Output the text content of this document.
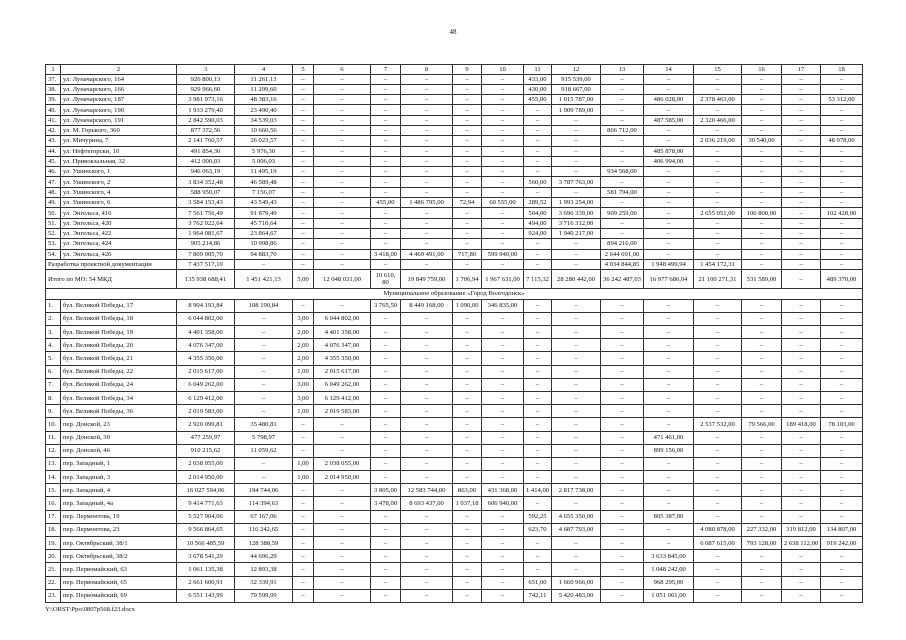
48
1	2	3	4	5	6	7	8	9	10	11	12	13	14	15	16	17	18
37.	ул. Луначарского, 164	926 800,13	11 261,13	–	–	–	–	–	–	433,00	915 539,00	–	–	–	–	–	–
38.	ул. Луначарского, 166	929 966,60	11 299,60	–	–	–	–	–	–	430,00	918 667,00	–	–	–	–	–	–
39.	ул. Луначарского, 187	3 981 973,16	48 383,16	–	–	–	–	–	–	455,00	1 015 787,00	–	486 028,00	2 378 463,00	–	–	53 312,00
40.	ул. Луначарского, 190	1 933 279,40	23 490,40	–	–	–	–	–	–	–	1 909 789,00	–	–	–	–	–	–
41.	ул. Луначарского, 191	2 842 590,03	34 539,03	–	–	–	–	–	–	–	–	–	487 585,00	2 320 466,00	–	–	–
42.	ул. М. Горького, 360	877 372,56	10 660,56	–	–	–	–	–	–	–	–	866 712,00	–	–	–	–	–
43.	ул. Мичурина, 7	2 141 760,57	26 023,57	–	–	–	–	–	–	–	–	–	–	2 036 219,00	30 540,00	–	48 978,00
44.	ул. Нефтегорски, 10	491 854,30	5 976,30	–	–	–	–	–	–	–	–	–	485 878,00	–	–	–	–
45.	ул. Привокзальная, 32	412 000,03	5 006,03	–	–	–	–	–	–	–	–	–	406 994,00	–	–	–	–
46.	ул. Ушинского, 1	946 063,19	11 495,19	–	–	–	–	–	–	–	–	934 568,00	–	–	–	–	–
47.	ул. Ушинского, 2	3 834 352,48	46 589,48	–	–	–	–	–	–	560,00	3 787 763,00	–	–	–	–	–	–
48.	ул. Ушинского, 4	588 950,07	7 156,07	–	–	–	–	–	–	–	–	581 794,00	–	–	–	–	–
49.	ул. Ушинского, 6	3 584 153,43	43 549,43	–	–	455,00	1 486 795,00	72,94	60 555,00	289,52	1 993 254,00	–	–	–	–	–	–
50.	ул. Энгельса, 416	7 561 756,49	91 879,49	–	–	–	–	–	–	504,00	3 696 339,00	909 259,00	–	2 655 051,00	106 800,00	–	102 428,00
51.	ул. Энгельса, 420	3 762 022,64	45 710,64	–	–	–	–	–	–	494,00	3 716 312,00	–	–	–	–	–	–
52.	ул. Энгельса, 422	1 964 081,67	23 864,67	–	–	–	–	–	–	924,00	1 940 217,00	–	–	–	–	–	–
53.	ул. Энгельса, 424	905 214,86	10 998,86	–	–	–	–	–	–	–	–	894 216,00	–	–	–	–	–
54.	ул. Энгельса, 426	7 809 005,70	94 883,70	–	–	3 418,00	4 469 491,00	717,80	599 940,00	–	–	2 644 691,00	–	–	–	–	–
Разработка проектной документации		7 437 517,10	–	–	–	–	–	–	–	–	–	4 034 844,85	1 948 499,94	1 454 172,31	–	–	–
Итого по МО: 54 МКД		135 938 688,41	1 451 421,13	5,00	12 048 031,00	10 610,80	19 849 759,00	1 706,94	1 967 631,00	7 115,32	28 280 442,00	36 242 487,03	16 977 686,04	21 100 271,31	531 589,00	–	489 370,00
Муниципальное образование «Город Волгодонск»																	
1.	бул. Великой Победы, 17	8 904 193,84	108 190,84	–	–	3 765,50	8 449 168,00	1 090,00	346 835,00	–	–	–	–	–	–	–	–
2.	бул. Великой Победы, 18	6 044 802,00	–	3,00	6 044 802,00	–	–	–	–	–	–	–	–	–	–	–	–
3.	бул. Великой Победы, 19	4 401 358,00	–	2,00	4 401 358,00	–	–	–	–	–	–	–	–	–	–	–	–
4.	бул. Великой Победы, 20	4 076 347,00	–	2,00	4 076 347,00	–	–	–	–	–	–	–	–	–	–	–	–
5.	бул. Великой Победы, 21	4 355 350,00	–	2,00	4 355 350,00	–	–	–	–	–	–	–	–	–	–	–	–
6.	бул. Великой Победы, 22	2 015 617,00	–	1,00	2 015 617,00	–	–	–	–	–	–	–	–	–	–	–	–
7.	бул. Великой Победы, 24	6 049 262,00	–	3,00	6 049 262,00	–	–	–	–	–	–	–	–	–	–	–	–
8.	бул. Великой Победы, 34	6 129 412,00	–	3,00	6 129 412,00	–	–	–	–	–	–	–	–	–	–	–	–
9.	бул. Великой Победы, 36	2 019 583,00	–	1,00	2 019 583,00	–	–	–	–	–	–	–	–	–	–	–	–
10.	пер. Донской, 23	2 920 099,81	35 480,81	–	–	–	–	–	–	–	–	–	–	2 537 532,00	79 566,00	189 418,00	78 103,00
11.	пер. Донской, 30	477 259,97	5 798,97	–	–	–	–	–	–	–	–	–	471 461,00	–	–	–	–
12.	пер. Донской, 46	910 215,62	11 059,62	–	–	–	–	–	–	–	–	–	899 156,00	–	–	–	–
13.	пер. Западный, 1	2 038 055,00	–	1,00	2 038 055,00	–	–	–	–	–	–	–	–	–	–	–	–
14.	пер. Западный, 3	2 014 950,00	–	1,00	2 014 950,00	–	–	–	–	–	–	–	–	–	–	–	–
15.	пер. Западный, 4	16 027 594,06	194 744,06	–	–	3 805,00	12 583 744,00	863,00	431 368,00	1 414,00	2 817 738,00	–	–	–	–	–	–
16.	пер. Западный, 4а	9 414 771,63	114 394,63	–	–	3 478,00	8 693 437,00	1 037,18	606 940,00	–	–	–	–	–	–	–	–
17.	пер. Лермонтова, 19	5 527 904,06	67 167,06	–	–	–	–	–	–	592,25	4 655 350,00	–	805 387,00	–	–	–	–
18.	пер. Лермонтова, 23	9 566 864,65	116 242,65	–	–	–	–	–	–	623,70	4 687 793,00	–	–	4 080 878,00	227 332,00	319 812,00	134 807,00
19.	пер. Октябрьский, 38/1	10 566 485,59	128 388,59	–	–	–	–	–	–	–	–	–	–	6 087 615,00	793 128,00	2 638 112,00	919 242,00
20.	пер. Октябрьский, 38/2	3 678 541,29	44 696,29	–	–	–	–	–	–	–	–	–	3 633 845,00	–	–	–	–
21.	пер. Первомайский, 63	1 061 135,38	12 893,38	–	–	–	–	–	–	–	–	–	1 048 242,00	–	–	–	–
22.	пер. Первомайский, 65	2 661 600,91	32 339,91	–	–	–	–	–	–	651,00	1 660 966,00	–	968 295,00	–	–	–	–
23.	пер. Первомайский, 69	6 551 143,99	79 599,99	–	–	–	–	–	–	742,11	5 420 483,00	–	1 051 061,00	–	–	–	–
Y:\ORST\Ppo\0807p568.f23.docx
